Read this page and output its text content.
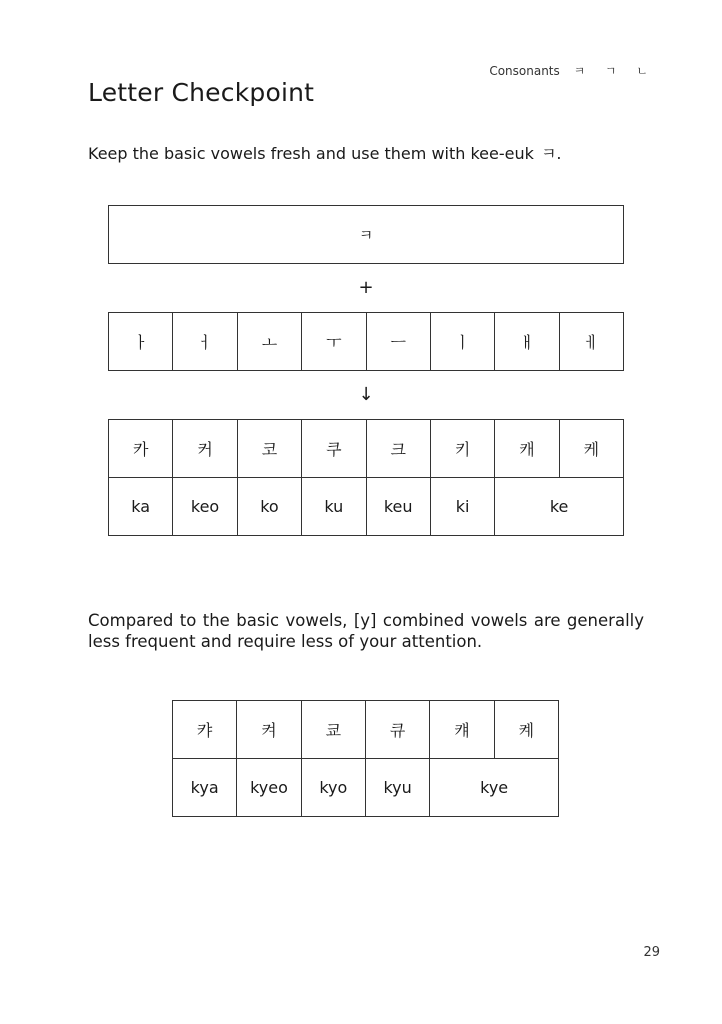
Consonants ㅋ ㄱ ㄴ
Letter Checkpoint

Keep the basic vowels fresh and use them with kee-euk ㅋ.

ㅋ
+
ㅏ	ㅓ	ㅗ	ㅜ	ㅡ	ㅣ	ㅐ	ㅔ
↓
카	커	코	쿠	크	키	캐	케
ka	keo	ko	ku	keu	ki	ke	

Compared to the basic vowels, [y] combined vowels are generally less frequent and require less of your attention.

캬	켜	쿄	큐	컈	켸
kya	kyeo	kyo	kyu	kye	
29
